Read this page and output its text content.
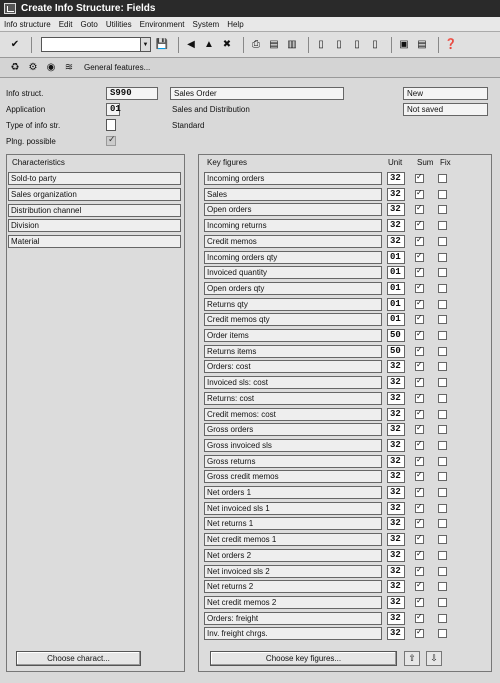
Create Info Structure: Fields
Info structure Edit Goto Utilities Environment System Help
✔	▼ 💾	◀ ▲ ✖	⎙ ▤ ▥	▯	▯	▯	▯	▣ ▤ ❓
♻ ⚙ ◉ ≋	General features...
Info struct.	S990	Sales Order	New
Application	01	Sales and Distribution	Not saved
Type of info str.	Standard
Plng. possible	✓
Characteristics
Sold-to party
Sales organization
Distribution channel
Division
Material
Choose charact...
Key figures	Unit Sum Fix
Incoming orders	32	✓
Sales	32	✓
Open orders	32	✓
Incoming returns	32	✓
Credit memos	32	✓
Incoming orders qty	01	✓
Invoiced quantity	01	✓
Open orders qty	01	✓
Returns qty	01	✓
Credit memos qty	01	✓
Order items	50	✓
Returns items	50	✓
Orders: cost	32	✓
Invoiced sls: cost	32	✓
Returns: cost	32	✓
Credit memos: cost	32	✓
Gross orders	32	✓
Gross invoiced sls	32	✓
Gross returns	32	✓
Gross credit memos	32	✓
Net orders 1	32	✓
Net invoiced sls 1	32	✓
Net returns 1	32	✓
Net credit memos 1	32	✓
Net orders 2	32	✓
Net invoiced sls 2	32	✓
Net returns 2	32	✓
Net credit memos 2	32	✓
Orders: freight	32	✓
Inv. freight chrgs.	32	✓
Choose key figures...	⇧	⇩
